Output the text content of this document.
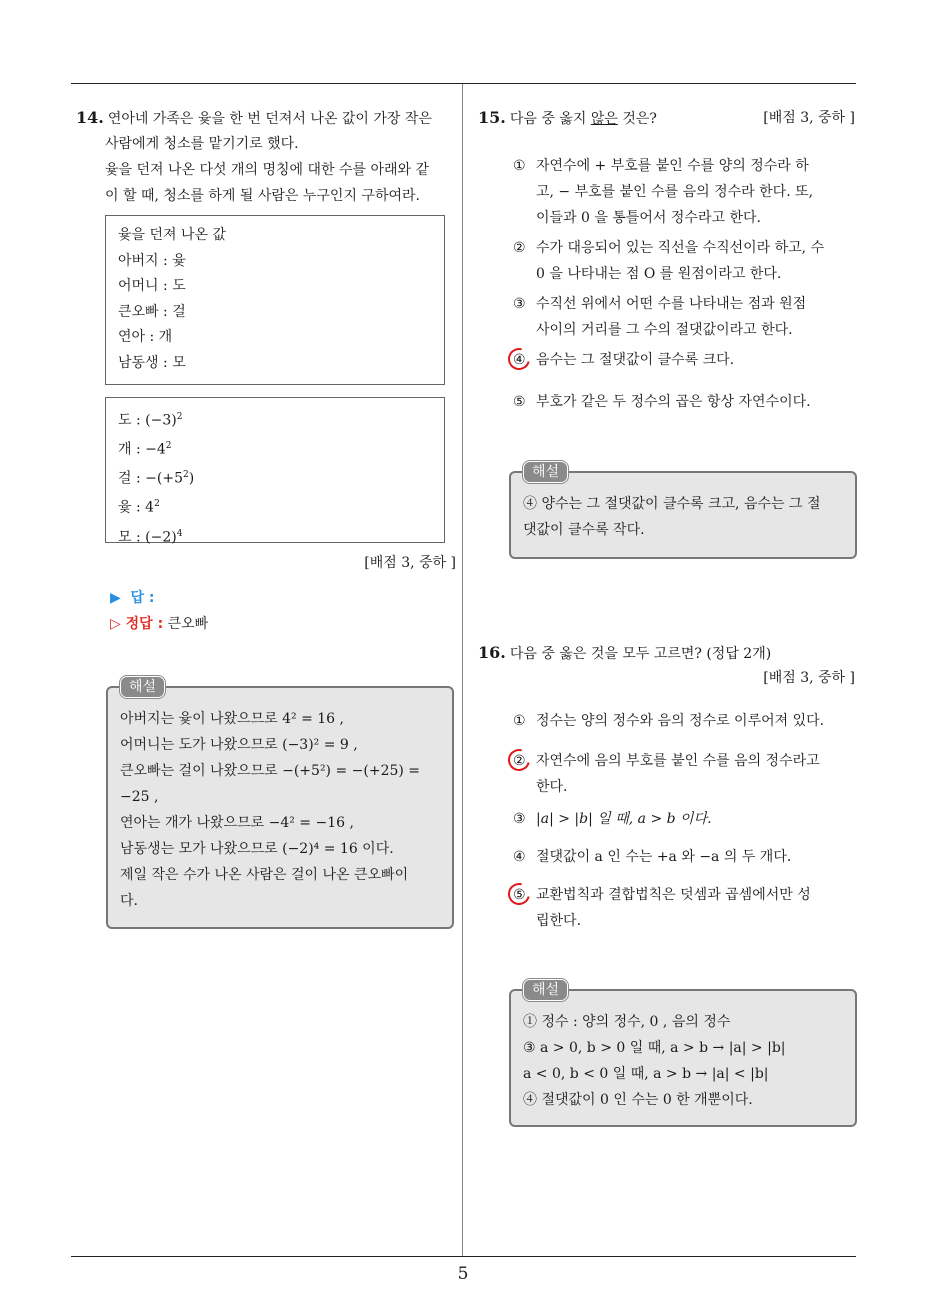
14. 연아네 가족은 윷을 한 번 던져서 나온 값이 가장 작은
사람에게 청소를 맡기기로 했다.
윷을 던져 나온 다섯 개의 명칭에 대한 수를 아래와 같
이 할 때, 청소를 하게 될 사람은 누구인지 구하여라.
윷을 던져 나온 값
아버지 : 윷
어머니 : 도
큰오빠 : 걸
연아 : 개
남동생 : 모
도 : $(-3)^2$
개 : $-4^2$
걸 : $-(+5^2)$
윷 : $4^2$
모 : $(-2)^4$
[배점 3, 중하 ]
▶  답 :
▷ 정답 : 큰오빠
해설
아버지는 윷이 나왔으므로 4² = 16 ,
어머니는 도가 나왔으므로 (−3)² = 9 ,
큰오빠는 걸이 나왔으므로 −(+5²) = −(+25) =
−25 ,
연아는 개가 나왔으므로 −4² = −16 ,
남동생는 모가 나왔으므로 (−2)⁴ = 16 이다.
제일 작은 수가 나온 사람은 걸이 나온 큰오빠이
다.
15. 다음 중 옳지 않은 것은?	[배점 3, 중하 ]
① 자연수에 + 부호를 붙인 수를 양의 정수라 하
고, − 부호를 붙인 수를 음의 정수라 한다. 또,
이들과 0 을 통틀어서 정수라고 한다.
② 수가 대응되어 있는 직선을 수직선이라 하고, 수
0 을 나타내는 점 O 를 원점이라고 한다.
③ 수직선 위에서 어떤 수를 나타내는 점과 원점
사이의 거리를 그 수의 절댓값이라고 한다.
④ 음수는 그 절댓값이 클수록 크다.
⑤ 부호가 같은 두 정수의 곱은 항상 자연수이다.
해설
④ 양수는 그 절댓값이 클수록 크고, 음수는 그 절
댓값이 클수록 작다.
16. 다음 중 옳은 것을 모두 고르면? (정답 2개)
[배점 3, 중하 ]
① 정수는 양의 정수와 음의 정수로 이루어져 있다.
② 자연수에 음의 부호를 붙인 수를 음의 정수라고
한다.
③ |a| > |b| 일 때, a > b 이다.
④ 절댓값이 a 인 수는 +a 와 −a 의 두 개다.
⑤ 교환법칙과 결합법칙은 덧셈과 곱셈에서만 성
립한다.
해설
① 정수 : 양의 정수, 0 , 음의 정수
③ a > 0, b > 0 일 때, a > b → |a| > |b|
a < 0, b < 0 일 때, a > b → |a| < |b|
④ 절댓값이 0 인 수는 0 한 개뿐이다.
5
